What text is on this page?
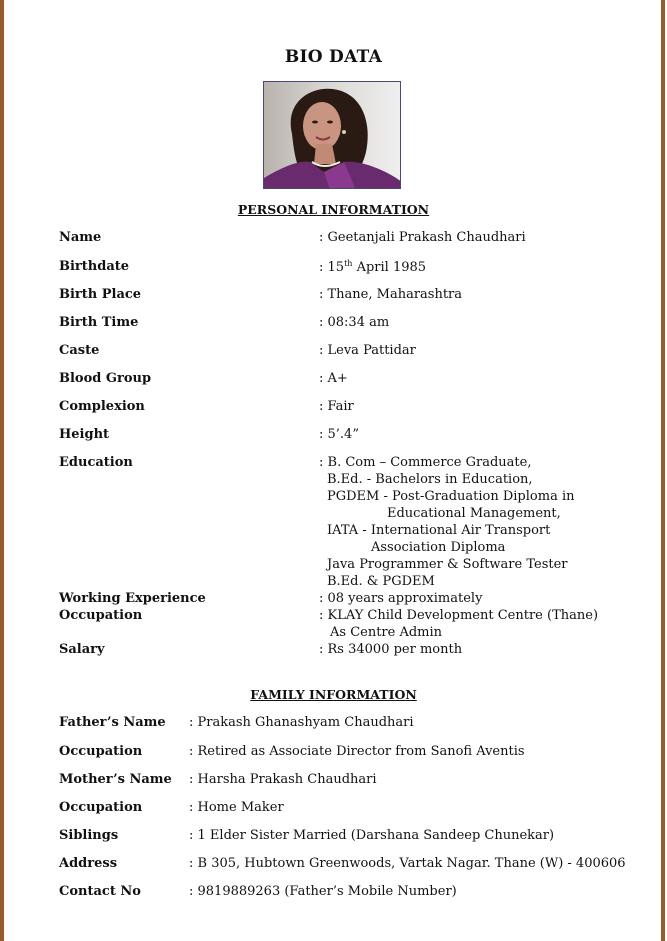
BIO DATA
PERSONAL INFORMATION
Name	: Geetanjali Prakash Chaudhari
Birthdate	: 15th April 1985
Birth Place	: Thane, Maharashtra
Birth Time	: 08:34 am
Caste	: Leva Pattidar
Blood Group	: A+
Complexion	: Fair
Height	: 5’.4”
Education	: B. Com – Commerce Graduate,
B.Ed. - Bachelors in Education,
PGDEM - Post-Graduation Diploma in
Educational Management,
IATA - International Air Transport
Association Diploma
Java Programmer & Software Tester
B.Ed. & PGDEM
Working Experience	: 08 years approximately
Occupation	: KLAY Child Development Centre (Thane)
As Centre Admin
Salary	: Rs 34000 per month
FAMILY INFORMATION
Father’s Name : Prakash Ghanashyam Chaudhari
Occupation	: Retired as Associate Director from Sanofi Aventis
Mother’s Name : Harsha Prakash Chaudhari
Occupation	: Home Maker
Siblings	: 1 Elder Sister Married (Darshana Sandeep Chunekar)
Address	: B 305, Hubtown Greenwoods, Vartak Nagar. Thane (W) - 400606
Contact No	: 9819889263 (Father’s Mobile Number)
